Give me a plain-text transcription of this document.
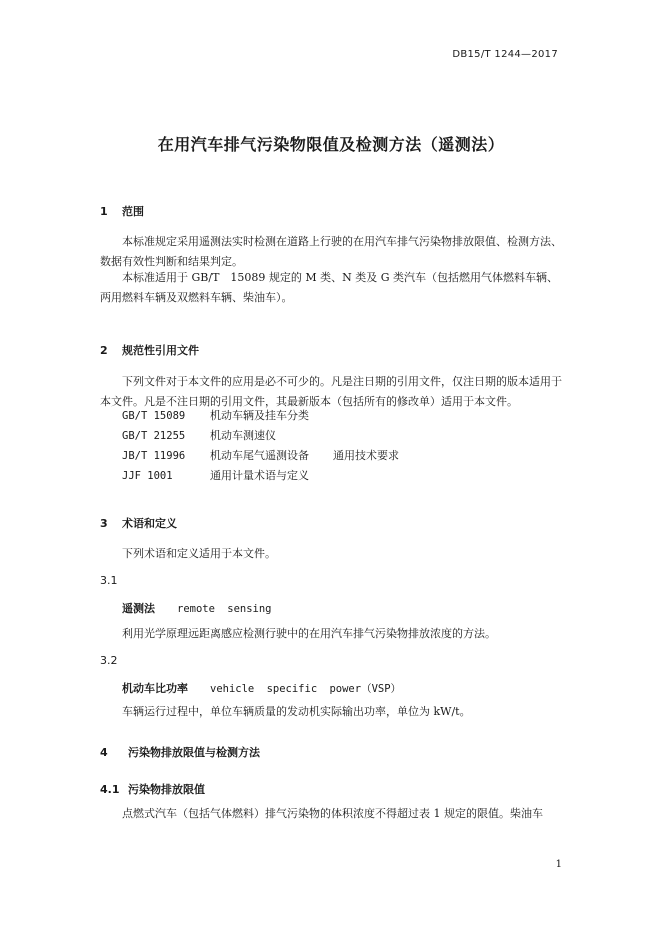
DB15/T 1244—2017
在用汽车排气污染物限值及检测方法（遥测法）
1 范围
本标准规定采用遥测法实时检测在道路上行驶的在用汽车排气污染物排放限值、检测方法、数据有效性判断和结果判定。
本标准适用于 GB/T　15089 规定的 M 类、N 类及 G 类汽车（包括燃用气体燃料车辆、两用燃料车辆及双燃料车辆、柴油车）。
2 规范性引用文件
下列文件对于本文件的应用是必不可少的。凡是注日期的引用文件，仅注日期的版本适用于本文件。凡是不注日期的引用文件，其最新版本（包括所有的修改单）适用于本文件。
GB/T 15089 机动车辆及挂车分类
GB/T 21255 机动车测速仪
JB/T 11996 机动车尾气遥测设备 通用技术要求
JJF 1001	通用计量术语与定义
3 术语和定义
下列术语和定义适用于本文件。
3.1
遥测法 remote sensing
利用光学原理远距离感应检测行驶中的在用汽车排气污染物排放浓度的方法。
3.2
机动车比功率 vehicle specific power（VSP）
车辆运行过程中，单位车辆质量的发动机实际输出功率，单位为 kW/t。
4 污染物排放限值与检测方法
4.1 污染物排放限值
点燃式汽车（包括气体燃料）排气污染物的体积浓度不得超过表 1 规定的限值。柴油车
1
